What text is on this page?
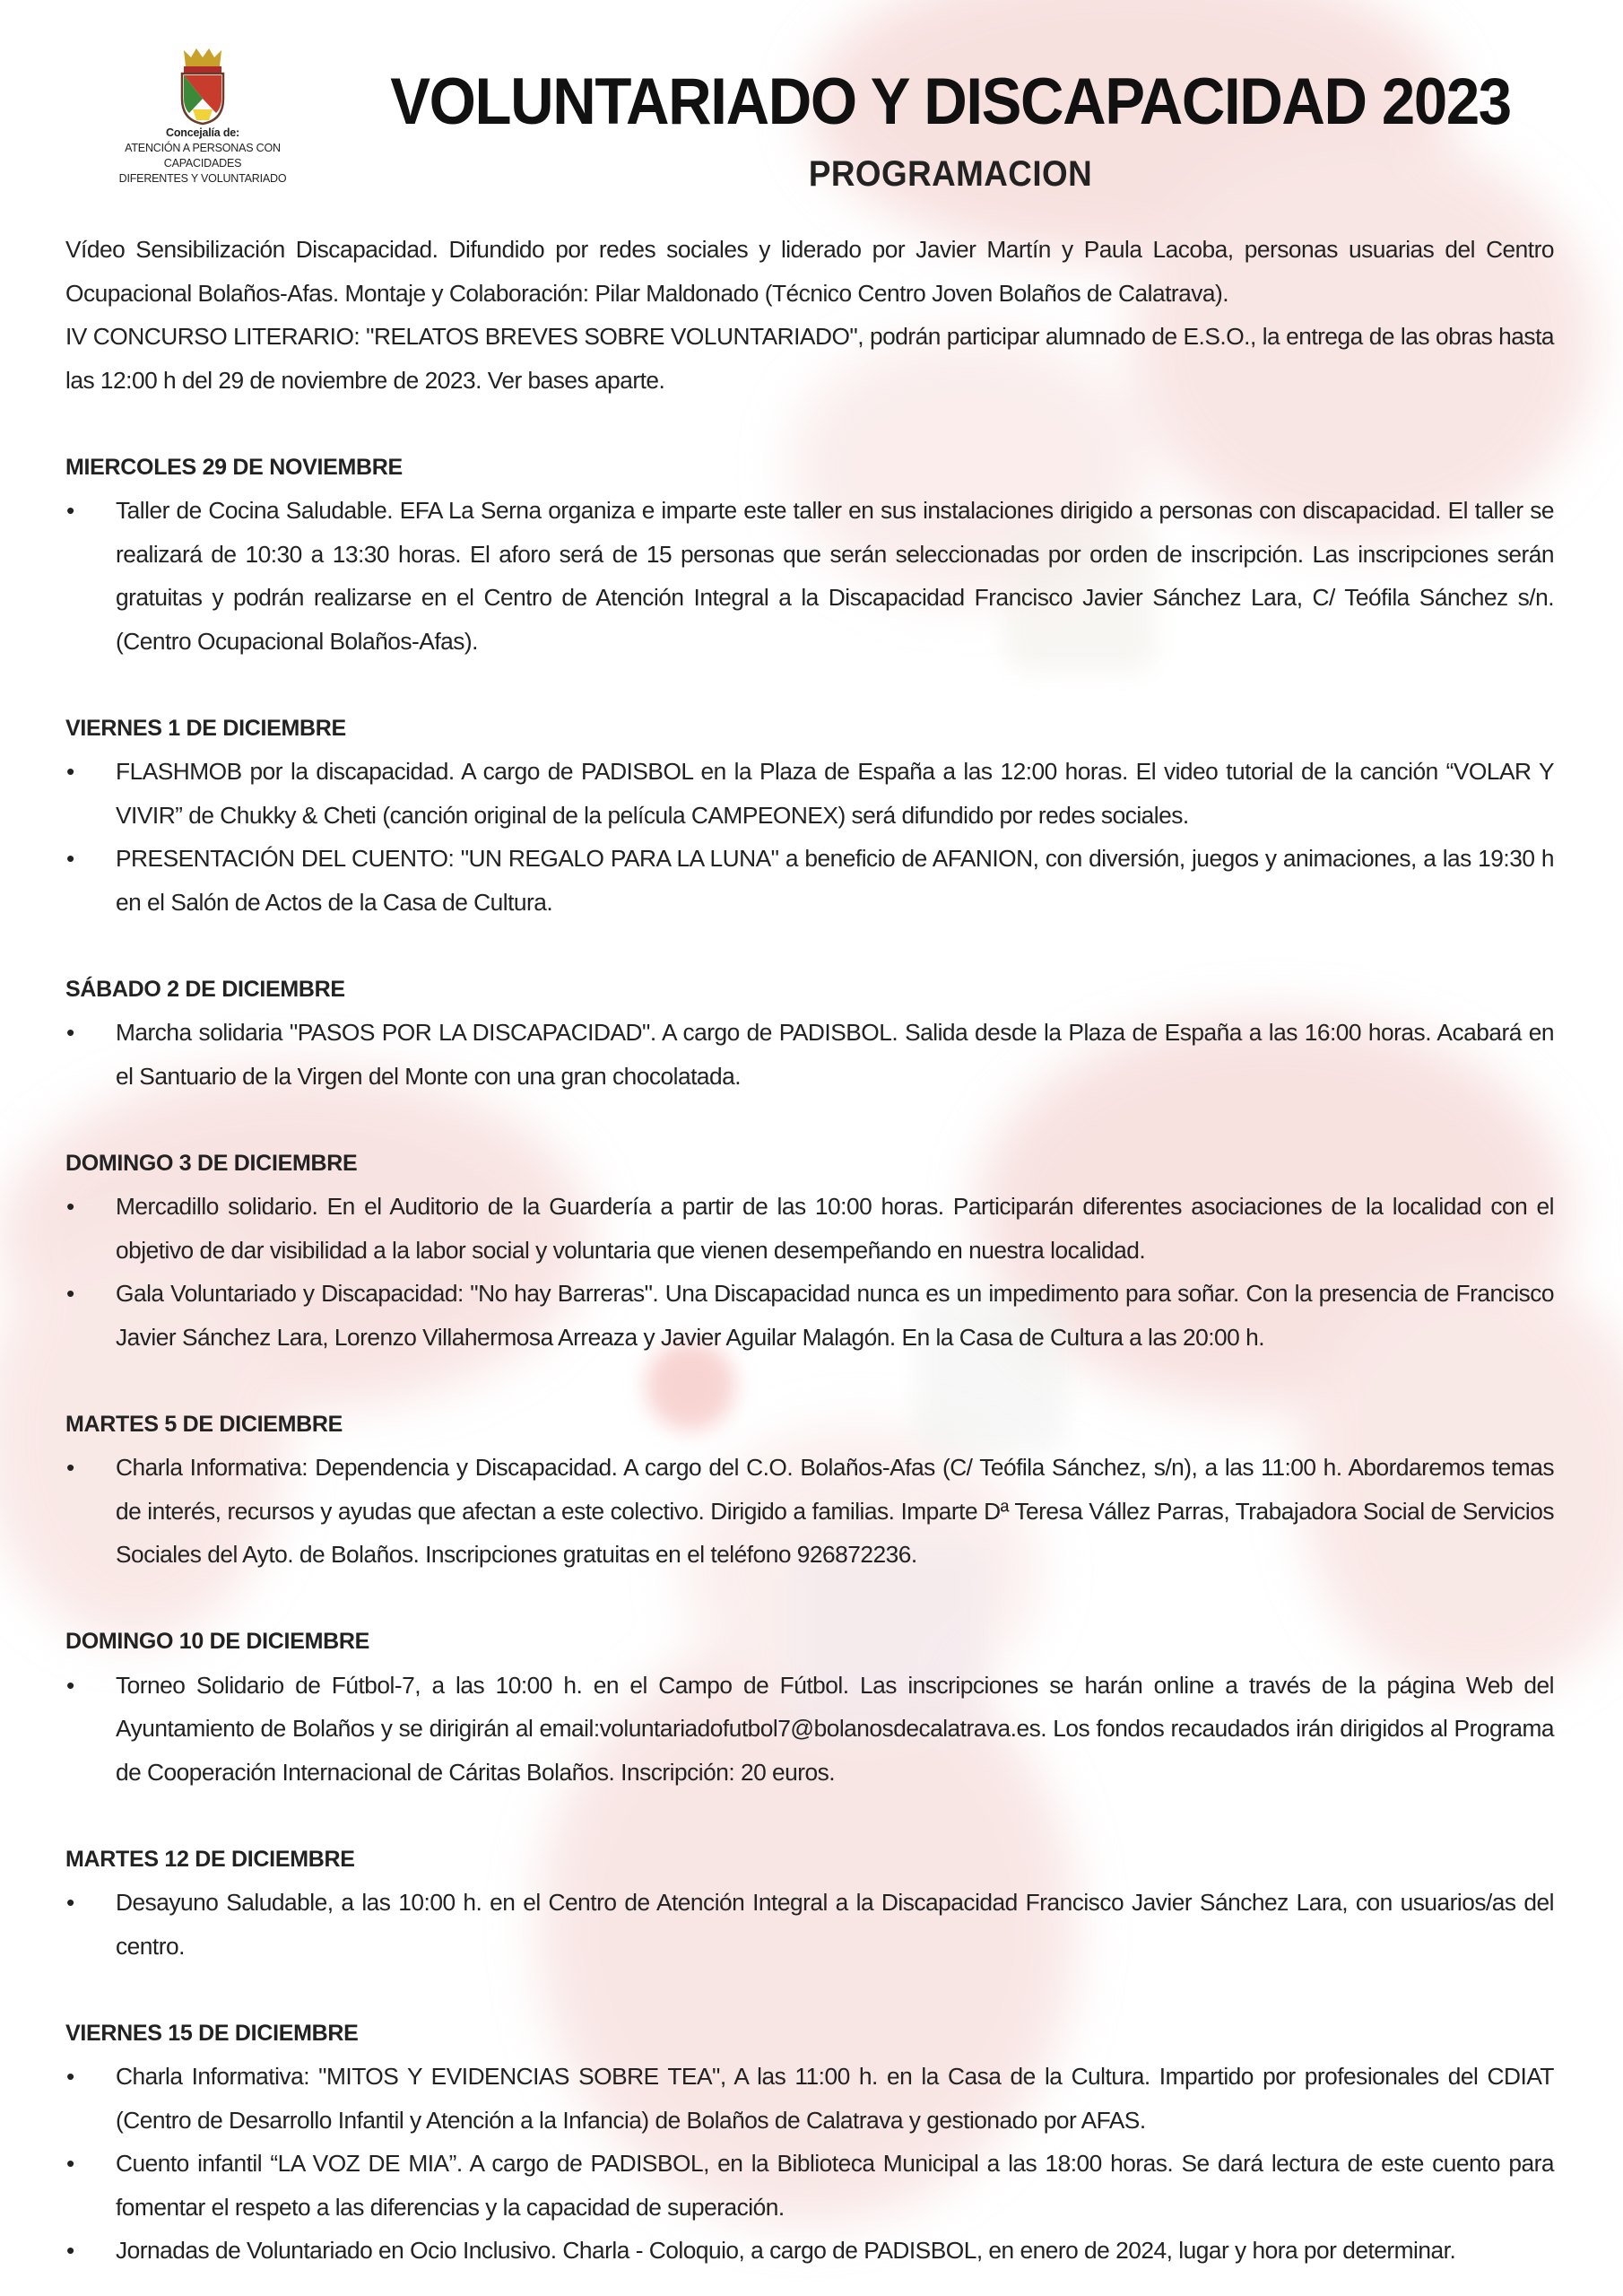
Concejalía de:
ATENCIÓN A PERSONAS CON CAPACIDADES
DIFERENTES Y VOLUNTARIADO
VOLUNTARIADO Y DISCAPACIDAD 2023
PROGRAMACION

Vídeo Sensibilización Discapacidad. Difundido por redes sociales y liderado por Javier Martín y Paula Lacoba, personas usuarias del Centro Ocupacional Bolaños-Afas. Montaje y Colaboración: Pilar Maldonado (Técnico Centro Joven Bolaños de Calatrava).

IV CONCURSO LITERARIO: "RELATOS BREVES SOBRE VOLUNTARIADO", podrán participar alumnado de E.S.O., la entrega de las obras hasta las 12:00 h del 29 de noviembre de 2023. Ver bases aparte.

MIERCOLES 29 DE NOVIEMBRE

• Taller de Cocina Saludable. EFA La Serna organiza e imparte este taller en sus instalaciones dirigido a personas con discapacidad. El taller se realizará de 10:30 a 13:30 horas. El aforo será de 15 personas que serán seleccionadas por orden de inscripción. Las inscripciones serán gratuitas y podrán realizarse en el Centro de Atención Integral a la Discapacidad Francisco Javier Sánchez Lara, C/ Teófila Sánchez s/n. (Centro Ocupacional Bolaños-Afas).

VIERNES 1 DE DICIEMBRE

• FLASHMOB por la discapacidad. A cargo de PADISBOL en la Plaza de España a las 12:00 horas. El video tutorial de la canción “VOLAR Y VIVIR” de Chukky & Cheti (canción original de la película CAMPEONEX) será difundido por redes sociales.

• PRESENTACIÓN DEL CUENTO: "UN REGALO PARA LA LUNA" a beneficio de AFANION, con diversión, juegos y animaciones, a las 19:30 h en el Salón de Actos de la Casa de Cultura.

SÁBADO 2 DE DICIEMBRE

• Marcha solidaria "PASOS POR LA DISCAPACIDAD". A cargo de PADISBOL. Salida desde la Plaza de España a las 16:00 horas. Acabará en el Santuario de la Virgen del Monte con una gran chocolatada.

DOMINGO 3 DE DICIEMBRE

• Mercadillo solidario. En el Auditorio de la Guardería a partir de las 10:00 horas. Participarán diferentes asociaciones de la localidad con el objetivo de dar visibilidad a la labor social y voluntaria que vienen desempeñando en nuestra localidad.

• Gala Voluntariado y Discapacidad: "No hay Barreras". Una Discapacidad nunca es un impedimento para soñar. Con la presencia de Francisco Javier Sánchez Lara, Lorenzo Villahermosa Arreaza y Javier Aguilar Malagón. En la Casa de Cultura a las 20:00 h.

MARTES 5 DE DICIEMBRE

• Charla Informativa: Dependencia y Discapacidad. A cargo del C.O. Bolaños-Afas (C/ Teófila Sánchez, s/n), a las 11:00 h. Abordaremos temas de interés, recursos y ayudas que afectan a este colectivo. Dirigido a familias. Imparte Dª Teresa Vállez Parras, Trabajadora Social de Servicios Sociales del Ayto. de Bolaños. Inscripciones gratuitas en el teléfono 926872236.

DOMINGO 10 DE DICIEMBRE

• Torneo Solidario de Fútbol-7, a las 10:00 h. en el Campo de Fútbol. Las inscripciones se harán online a través de la página Web del Ayuntamiento de Bolaños y se dirigirán al email:voluntariadofutbol7@bolanosdecalatrava.es. Los fondos recaudados irán dirigidos al Programa de Cooperación Internacional de Cáritas Bolaños. Inscripción: 20 euros.

MARTES 12 DE DICIEMBRE

• Desayuno Saludable, a las 10:00 h. en el Centro de Atención Integral a la Discapacidad Francisco Javier Sánchez Lara, con usuarios/as del centro.

VIERNES 15 DE DICIEMBRE

• Charla Informativa: "MITOS Y EVIDENCIAS SOBRE TEA", A las 11:00 h. en la Casa de la Cultura. Impartido por profesionales del CDIAT (Centro de Desarrollo Infantil y Atención a la Infancia) de Bolaños de Calatrava y gestionado por AFAS.

• Cuento infantil “LA VOZ DE MIA”. A cargo de PADISBOL, en la Biblioteca Municipal a las 18:00 horas. Se dará lectura de este cuento para fomentar el respeto a las diferencias y la capacidad de superación.

• Jornadas de Voluntariado en Ocio Inclusivo. Charla - Coloquio, a cargo de PADISBOL, en enero de 2024, lugar y hora por determinar.
